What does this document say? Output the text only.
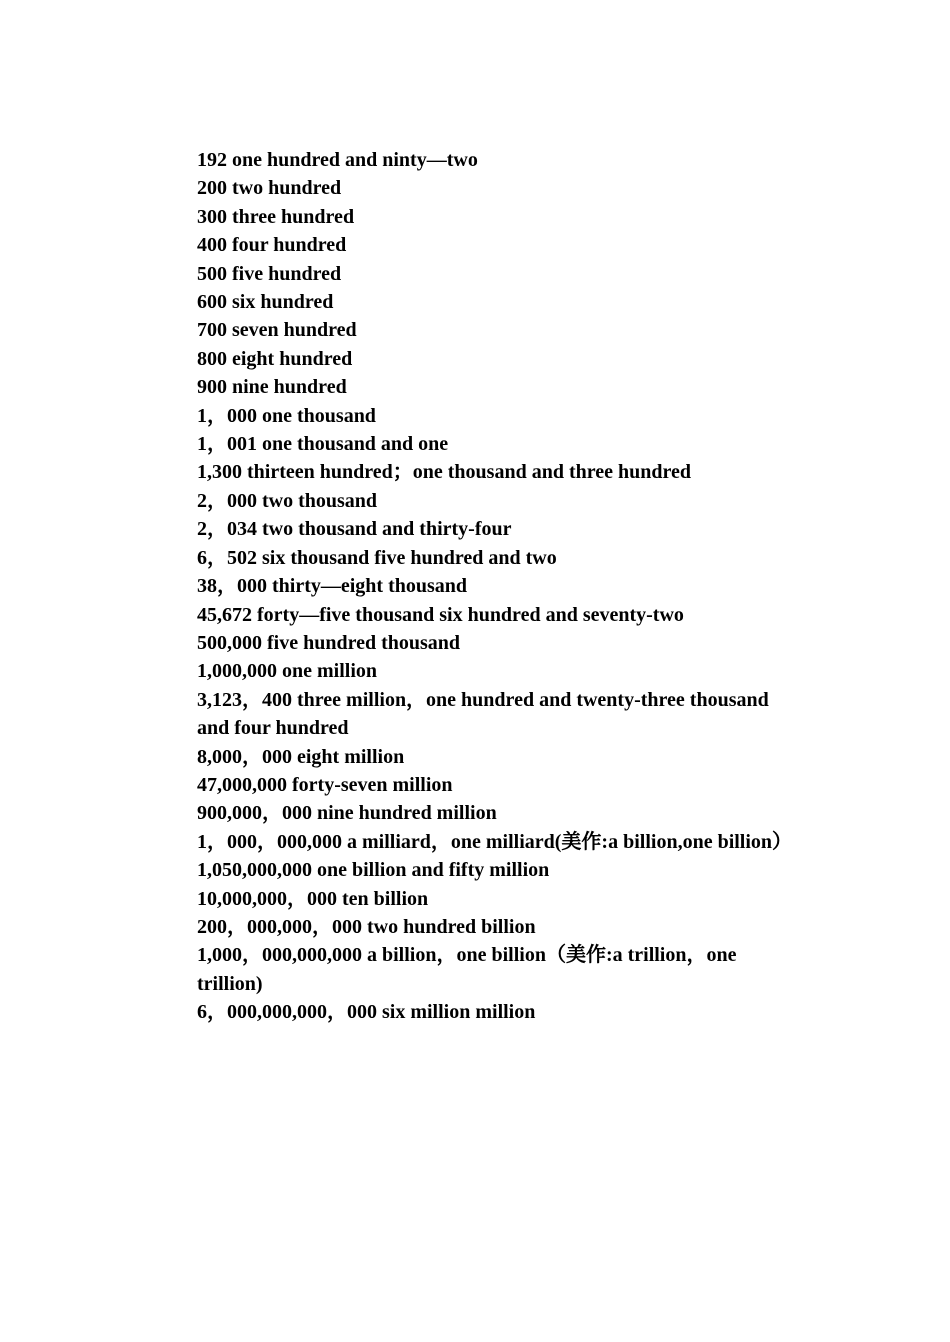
192 one hundred and ninty—two

200 two hundred

300 three hundred

400 four hundred

500 five hundred

600 six hundred

700 seven hundred

800 eight hundred

900 nine hundred

1，000 one thousand

1，001 one thousand and one

1,300 thirteen hundred；one thousand and three hundred

2，000 two thousand

2，034 two thousand and thirty-four

6，502 six thousand five hundred and two

38，000 thirty—eight thousand

45,672 forty—five thousand six hundred and seventy-two

500,000 five hundred thousand

1,000,000 one million

3,123，400 three million，one hundred and twenty-three thousand and four hundred

8,000，000 eight million

47,000,000 forty-seven million

900,000，000 nine hundred million

1，000，000,000 a milliard，one milliard(美作:a billion,one billion）

1,050,000,000 one billion and fifty million

10,000,000，000 ten billion

200，000,000，000 two hundred billion

1,000，000,000,000 a billion，one billion（美作:a trillion，one trillion)

6，000,000,000，000 six million million
